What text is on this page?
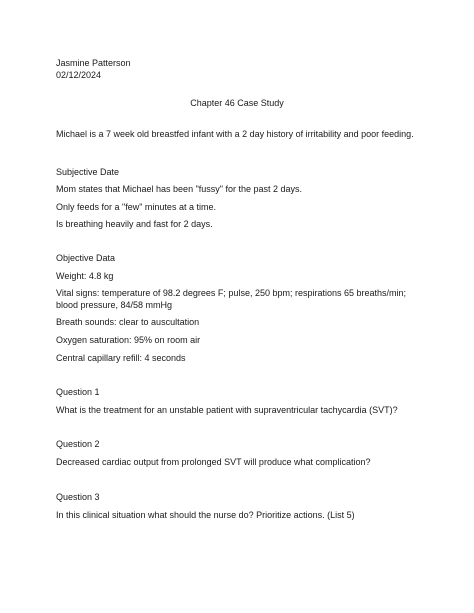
Jasmine Patterson
02/12/2024
Chapter 46 Case Study
Michael is a 7 week old breastfed infant with a 2 day history of irritability and poor feeding.
Subjective Date
Mom states that Michael has been "fussy" for the past 2 days.
Only feeds for a "few" minutes at a time.
Is breathing heavily and fast for 2 days.
Objective Data
Weight: 4.8 kg
Vital signs: temperature of 98.2 degrees F; pulse, 250 bpm; respirations 65 breaths/min; blood pressure, 84/58 mmHg
Breath sounds: clear to auscultation
Oxygen saturation: 95% on room air
Central capillary refill: 4 seconds
Question 1
What is the treatment for an unstable patient with supraventricular tachycardia (SVT)?
Question 2
Decreased cardiac output from prolonged SVT will produce what complication?
Question 3
In this clinical situation what should the nurse do? Prioritize actions. (List 5)
